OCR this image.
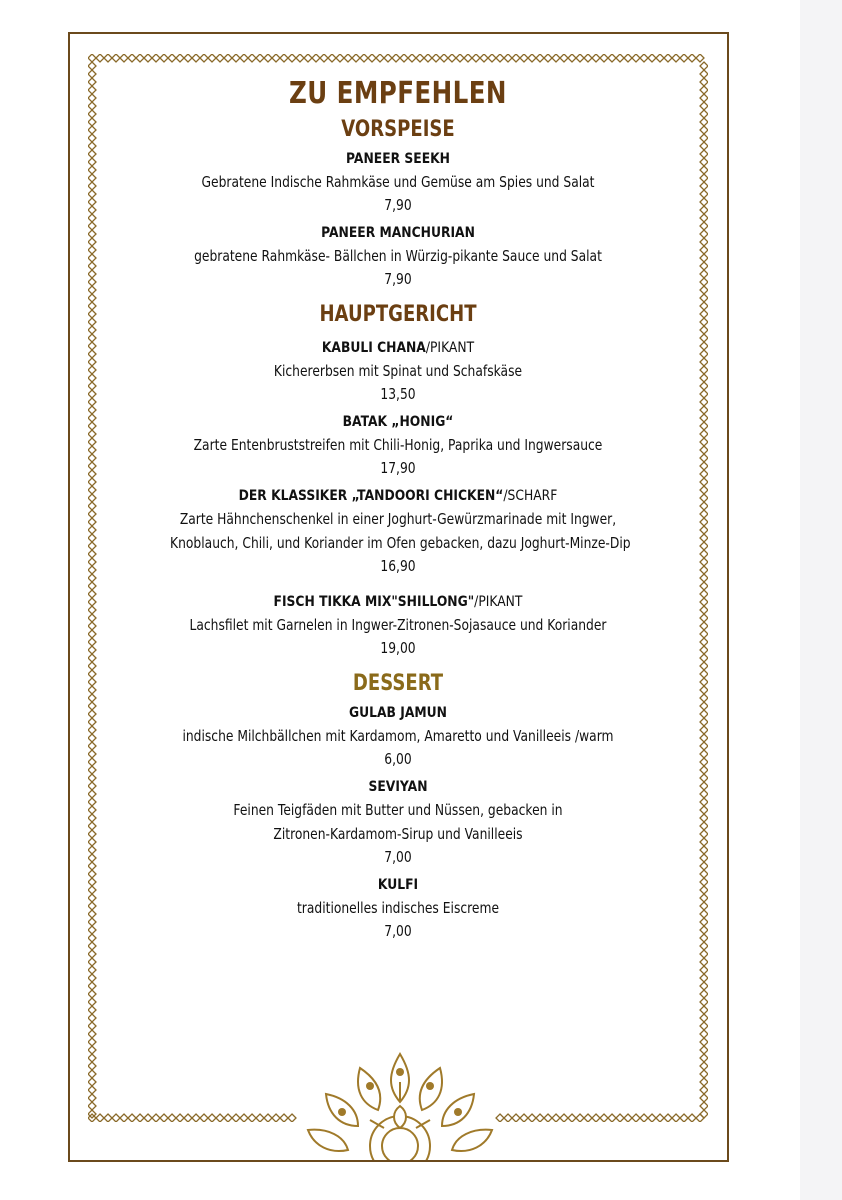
ZU EMPFEHLEN
VORSPEISE
PANEER SEEKH
Gebratene Indische Rahmkäse und Gemüse am Spies und Salat
7,90
PANEER MANCHURIAN
gebratene Rahmkäse- Bällchen in Würzig-pikante Sauce und Salat
7,90
HAUPTGERICHT
KABULI CHANA/PIKANT
Kichererbsen mit Spinat und Schafskäse
13,50
BATAK „HONIG“
Zarte Entenbruststreifen mit Chili-Honig, Paprika und Ingwersauce
17,90
DER KLASSIKER „TANDOORI CHICKEN“/SCHARF
Zarte Hähnchenschenkel in einer Joghurt-Gewürzmarinade mit Ingwer,
Knoblauch, Chili, und Koriander im Ofen gebacken, dazu Joghurt-Minze-Dip
16,90
FISCH TIKKA MIX"SHILLONG"/PIKANT
Lachsfilet mit Garnelen in Ingwer-Zitronen-Sojasauce und Koriander
19,00
DESSERT
GULAB JAMUN
indische Milchbällchen mit Kardamom, Amaretto und Vanilleeis /warm
6,00
SEVIYAN
Feinen Teigfäden mit Butter und Nüssen, gebacken in
Zitronen-Kardamom-Sirup und Vanilleeis
7,00
KULFI
traditionelles indisches Eiscreme
7,00
